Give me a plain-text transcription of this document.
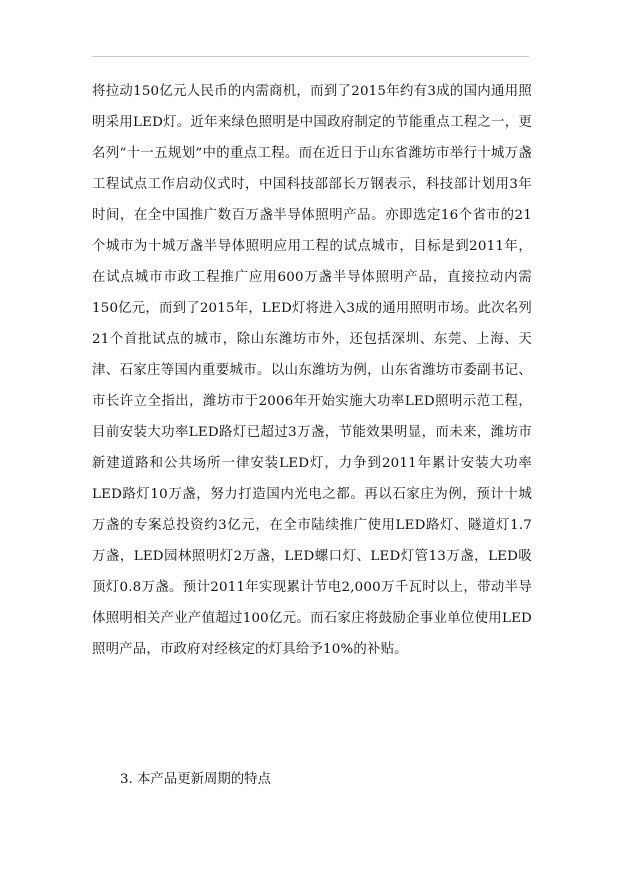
将拉动150亿元人民币的内需商机，而到了2015年约有3成的国内通用照明采用LED灯。近年来绿色照明是中国政府制定的节能重点工程之一，更名列“十一五规划”中的重点工程。而在近日于山东省潍坊市举行十城万盏工程试点工作启动仪式时，中国科技部部长万钢表示，科技部计划用3年时间，在全中国推广数百万盏半导体照明产品。亦即选定16个省市的21个城市为十城万盏半导体照明应用工程的试点城市，目标是到2011年，在试点城市市政工程推广应用600万盏半导体照明产品，直接拉动内需150亿元，而到了2015年，LED灯将进入3成的通用照明市场。此次名列21个首批试点的城市，除山东潍坊市外，还包括深圳、东莞、上海、天津、石家庄等国内重要城市。以山东潍坊为例，山东省潍坊市委副书记、市长许立全指出，潍坊市于2006年开始实施大功率LED照明示范工程，目前安装大功率LED路灯已超过3万盏，节能效果明显，而未来，潍坊市新建道路和公共场所一律安装LED灯，力争到2011年累计安装大功率LED路灯10万盏，努力打造国内光电之都。再以石家庄为例，预计十城万盏的专案总投资约3亿元，在全市陆续推广使用LED路灯、隧道灯1.7万盏，LED园林照明灯2万盏，LED螺口灯、LED灯管13万盏，LED吸顶灯0.8万盏。预计2011年实现累计节电2,000万千瓦时以上，带动半导体照明相关产业产值超过100亿元。而石家庄将鼓励企事业单位使用LED照明产品，市政府对经核定的灯具给予10%的补贴。

3. 本产品更新周期的特点
